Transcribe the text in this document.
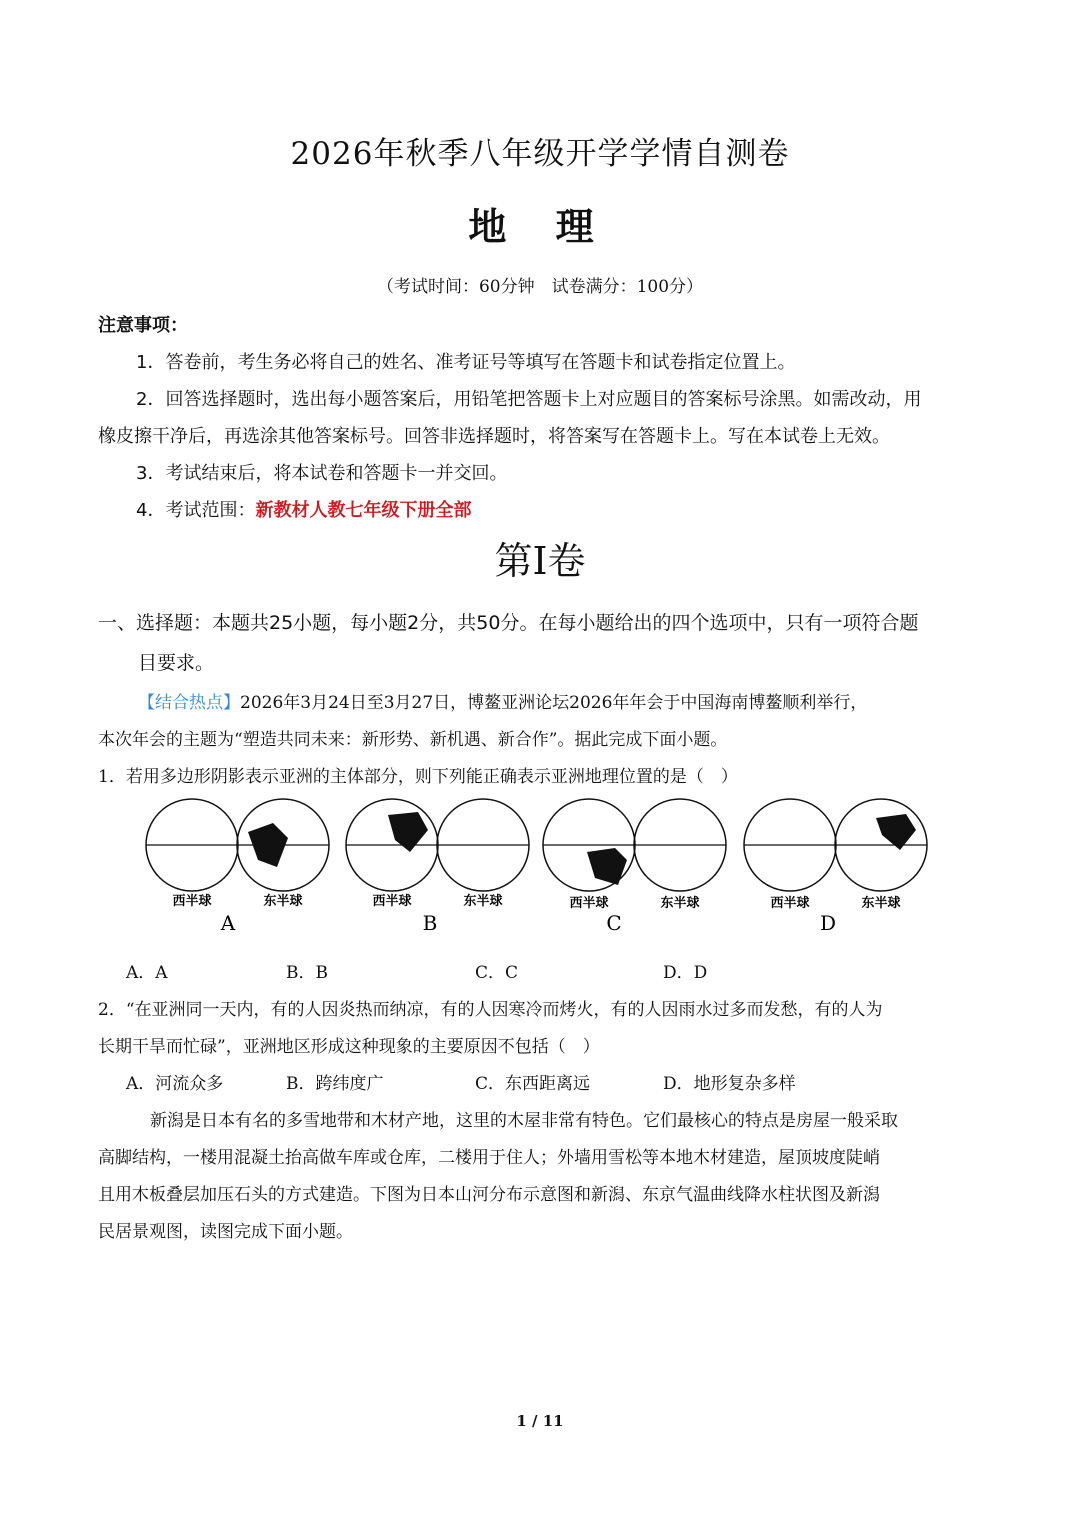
2026年秋季八年级开学学情自测卷
地 理
（考试时间：60分钟　试卷满分：100分）
注意事项：
1．答卷前，考生务必将自己的姓名、准考证号等填写在答题卡和试卷指定位置上。
2．回答选择题时，选出每小题答案后，用铅笔把答题卡上对应题目的答案标号涂黑。如需改动，用
橡皮擦干净后，再选涂其他答案标号。回答非选择题时，将答案写在答题卡上。写在本试卷上无效。
3．考试结束后，将本试卷和答题卡一并交回。
4．考试范围：新教材人教七年级下册全部
第I卷
一、选择题：本题共25小题，每小题2分，共50分。在每小题给出的四个选项中，只有一项符合题
目要求。
【结合热点】2026年3月24日至3月27日，博鳌亚洲论坛2026年年会于中国海南博鳌顺利举行，
本次年会的主题为“塑造共同未来：新形势、新机遇、新合作”。据此完成下面小题。
1．若用多边形阴影表示亚洲的主体部分，则下列能正确表示亚洲地理位置的是（　）
西半球	东半球
A
西半球	东半球
B
西半球	东半球
C
西半球	东半球
D
A．A	B．B	C．C	D．D
2．“在亚洲同一天内，有的人因炎热而纳凉，有的人因寒冷而烤火，有的人因雨水过多而发愁，有的人为
长期干旱而忙碌”，亚洲地区形成这种现象的主要原因不包括（　）
A．河流众多	B．跨纬度广	C．东西距离远	D．地形复杂多样
新潟是日本有名的多雪地带和木材产地，这里的木屋非常有特色。它们最核心的特点是房屋一般采取
高脚结构，一楼用混凝土抬高做车库或仓库，二楼用于住人；外墙用雪松等本地木材建造，屋顶坡度陡峭
且用木板叠层加压石头的方式建造。下图为日本山河分布示意图和新潟、东京气温曲线降水柱状图及新潟
民居景观图，读图完成下面小题。
1 / 11
